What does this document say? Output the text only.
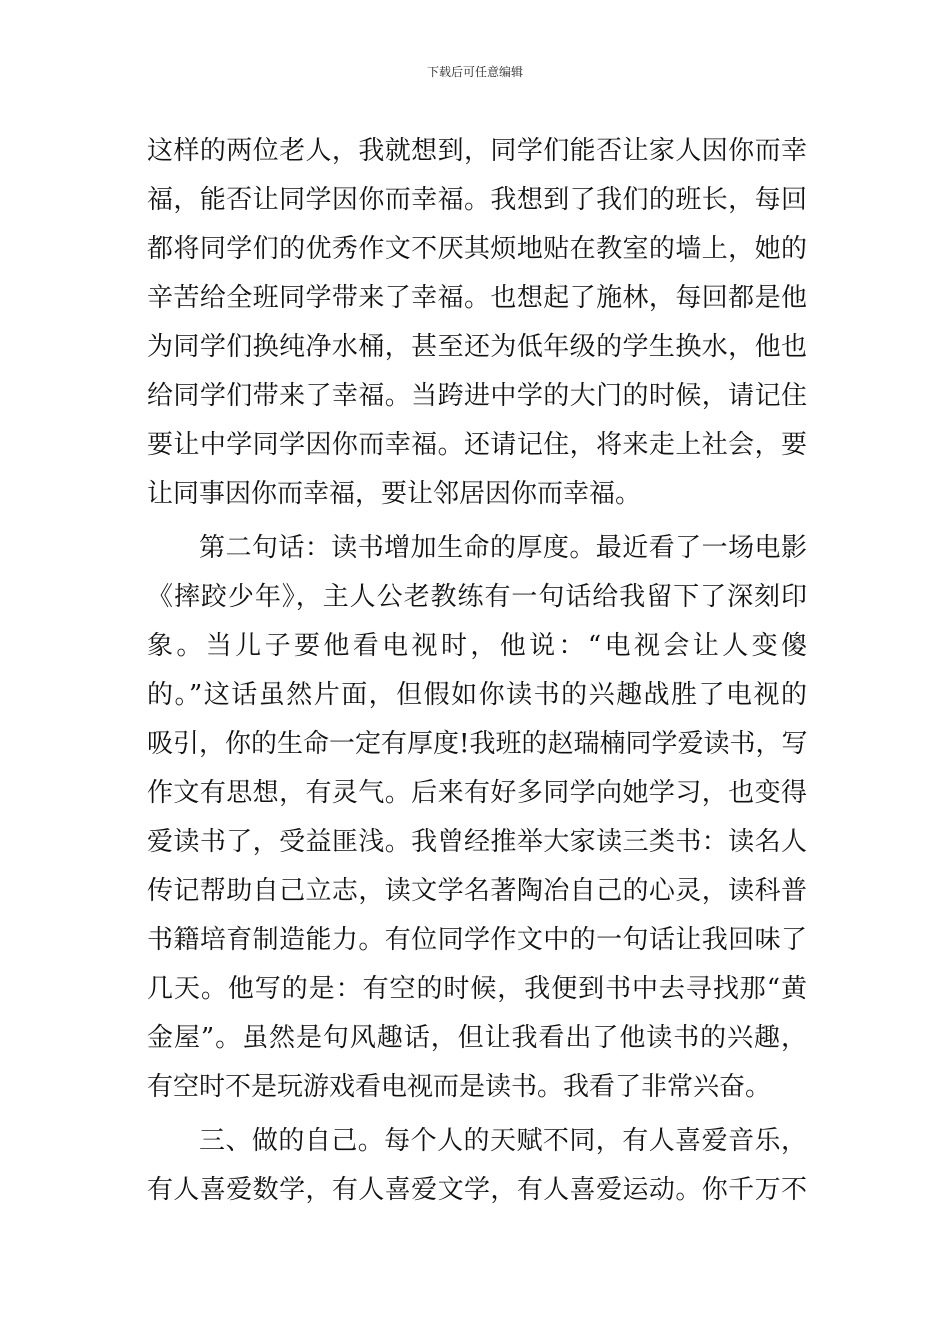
下载后可任意编辑
这样的两位老人，我就想到，同学们能否让家人因你而幸
福，能否让同学因你而幸福。我想到了我们的班长，每回
都将同学们的优秀作文不厌其烦地贴在教室的墙上，她的
辛苦给全班同学带来了幸福。也想起了施林，每回都是他
为同学们换纯净水桶，甚至还为低年级的学生换水，他也
给同学们带来了幸福。当跨进中学的大门的时候，请记住
要让中学同学因你而幸福。还请记住，将来走上社会，要
让同事因你而幸福，要让邻居因你而幸福。
第二句话：读书增加生命的厚度。最近看了一场电影
《摔跤少年》，主人公老教练有一句话给我留下了深刻印
象。当儿子要他看电视时，他说：“电视会让人变傻
的。”这话虽然片面，但假如你读书的兴趣战胜了电视的
吸引，你的生命一定有厚度!我班的赵瑞楠同学爱读书，写
作文有思想，有灵气。后来有好多同学向她学习，也变得
爱读书了，受益匪浅。我曾经推举大家读三类书：读名人
传记帮助自己立志，读文学名著陶冶自己的心灵，读科普
书籍培育制造能力。有位同学作文中的一句话让我回味了
几天。他写的是：有空的时候，我便到书中去寻找那“黄
金屋”。虽然是句风趣话，但让我看出了他读书的兴趣，
有空时不是玩游戏看电视而是读书。我看了非常兴奋。
三、做的自己。每个人的天赋不同，有人喜爱音乐，
有人喜爱数学，有人喜爱文学，有人喜爱运动。你千万不
